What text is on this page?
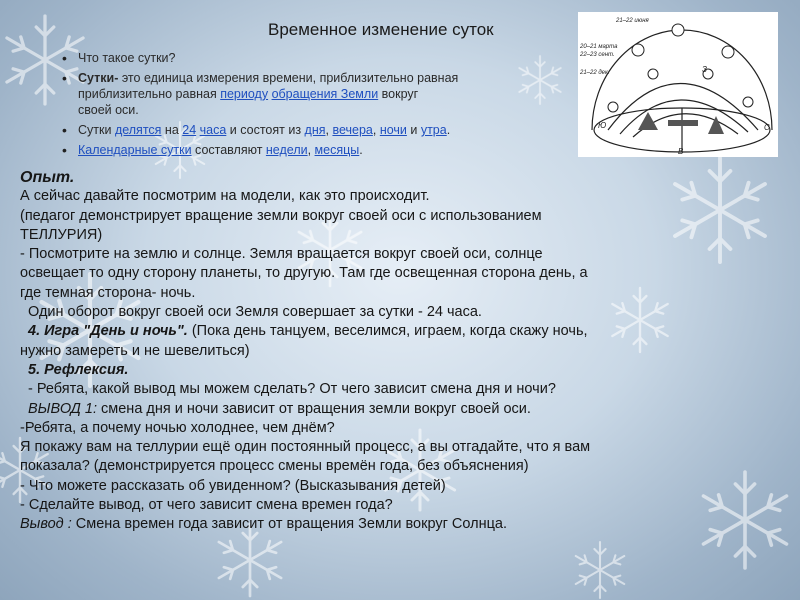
Временное изменение суток
• Что такое сутки?
• Сутки- это единица измерения времени, приблизительно равная
приблизительно равная периоду обращения Земли вокруг
своей оси.
• Сутки делятся на 24 часа и состоят из дня, вечера, ночи и утра.
• Календарные сутки составляют недели, месяцы.
21–22 июня
20–21 марта
22–23 сент.
21–22 дек.	З
С
Ю
В
Опыт.
А сейчас давайте посмотрим на модели, как это происходит.
(педагог демонстрирует вращение земли вокруг своей оси с использованием
ТЕЛЛУРИЯ)
- Посмотрите на землю и солнце. Земля вращается вокруг своей оси, солнце
освещает то одну сторону планеты, то другую. Там где освещенная сторона день, а
где темная сторона- ночь.
Один оборот вокруг своей оси Земля совершает за сутки - 24 часа.
4. Игра "День и ночь". (Пока день танцуем, веселимся, играем, когда скажу ночь,
нужно замереть и не шевелиться)
5. Рефлексия.
- Ребята, какой вывод мы можем сделать? От чего зависит смена дня и ночи?
ВЫВОД 1: смена дня и ночи зависит от вращения земли вокруг своей оси.
-Ребята, а почему ночью холоднее, чем днём?
Я покажу вам на теллурии ещё один постоянный процесс, а вы отгадайте, что я вам
показала? (демонстрируется процесс смены времён года, без объяснения)
- Что можете рассказать об увиденном? (Высказывания детей)
- Сделайте вывод, от чего зависит смена времен года?
Вывод : Смена времен года зависит от вращения Земли вокруг Солнца.
